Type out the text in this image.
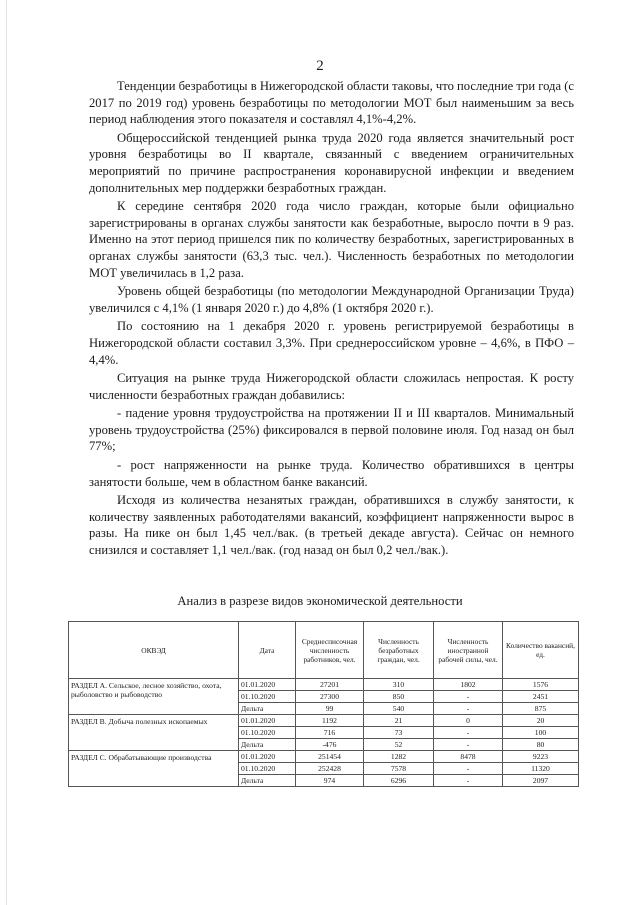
2

Тенденции безработицы в Нижегородской области таковы, что последние три года (с 2017 по 2019 год) уровень безработицы по методологии МОТ был наименьшим за весь период наблюдения этого показателя и составлял 4,1%-4,2%.

Общероссийской тенденцией рынка труда 2020 года является значительный рост уровня безработицы во II квартале, связанный с введением ограничительных мероприятий по причине распространения коронавирусной инфекции и введением дополнительных мер поддержки безработных граждан.

К середине сентября 2020 года число граждан, которые были официально зарегистрированы в органах службы занятости как безработные, выросло почти в 9 раз. Именно на этот период пришелся пик по количеству безработных, зарегистрированных в органах службы занятости (63,3 тыс. чел.). Численность безработных по методологии МОТ увеличилась в 1,2 раза.

Уровень общей безработицы (по методологии Международной Организации Труда) увеличился с 4,1% (1 января 2020 г.) до 4,8% (1 октября 2020 г.).

По состоянию на 1 декабря 2020 г. уровень регистрируемой безработицы в Нижегородской области составил 3,3%. При среднероссийском уровне – 4,6%, в ПФО – 4,4%.

Ситуация на рынке труда Нижегородской области сложилась непростая. К росту численности безработных граждан добавились:

- падение уровня трудоустройства на протяжении II и III кварталов. Минимальный уровень трудоустройства (25%) фиксировался в первой половине июля. Год назад он был 77%;

- рост напряженности на рынке труда. Количество обратившихся в центры занятости больше, чем в областном банке вакансий.

Исходя из количества незанятых граждан, обратившихся в службу занятости, к количеству заявленных работодателями вакансий, коэффициент напряженности вырос в разы. На пике он был 1,45 чел./вак. (в третьей декаде августа). Сейчас он немного снизился и составляет 1,1 чел./вак. (год назад он был 0,2 чел./вак.).

Анализ в разрезе видов экономической деятельности
ОКВЭД	Дата	Среднесписочная численность работников, чел.	Численность безработных граждан, чел.	Численность иностранной рабочей силы, чел.	Количество вакансий, ед.
РАЗДЕЛ А. Сельское, лесное хозяйство, охота, рыболовство и рыбоводство	01.01.2020	27201	310	1802	1576
	01.10.2020	27300	850	-	2451
	Дельта	99	540	-	875
РАЗДЕЛ B. Добыча полезных ископаемых	01.01.2020	1192	21	0	20
	01.10.2020	716	73	-	100
	Дельта	-476	52	-	80
РАЗДЕЛ C. Обрабатывающие производства	01.01.2020	251454	1282	8478	9223
	01.10.2020	252428	7578	-	11320
	Дельта	974	6296	-	2097
